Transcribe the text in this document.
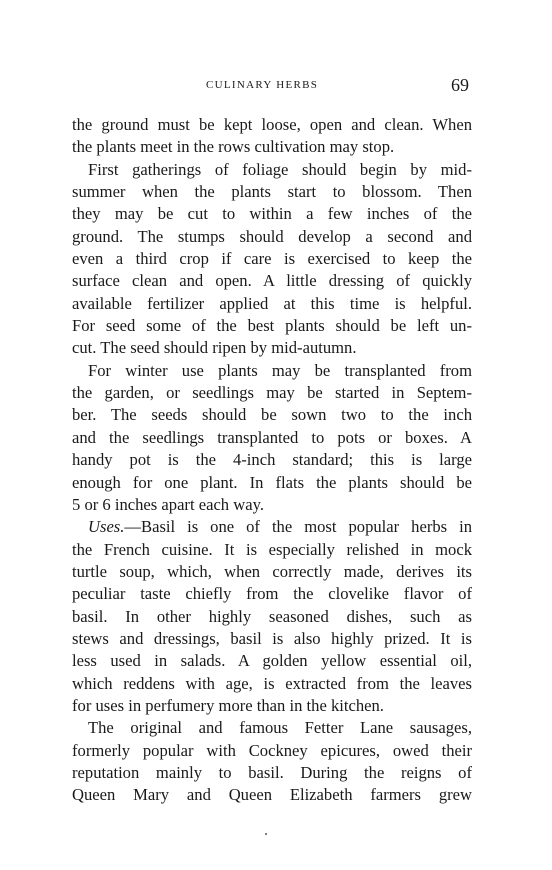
CULINARY HERBS	69
the ground must be kept loose, open and clean. When
the plants meet in the rows cultivation may stop.
First gatherings of foliage should begin by mid-
summer when the plants start to blossom. Then
they may be cut to within a few inches of the
ground. The stumps should develop a second and
even a third crop if care is exercised to keep the
surface clean and open. A little dressing of quickly
available fertilizer applied at this time is helpful.
For seed some of the best plants should be left un-
cut. The seed should ripen by mid-autumn.
For winter use plants may be transplanted from
the garden, or seedlings may be started in Septem-
ber. The seeds should be sown two to the inch
and the seedlings transplanted to pots or boxes. A
handy pot is the 4-inch standard; this is large
enough for one plant. In flats the plants should be
5 or 6 inches apart each way.
Uses.—Basil is one of the most popular herbs in
the French cuisine. It is especially relished in mock
turtle soup, which, when correctly made, derives its
peculiar taste chiefly from the clovelike flavor of
basil. In other highly seasoned dishes, such as
stews and dressings, basil is also highly prized. It is
less used in salads. A golden yellow essential oil,
which reddens with age, is extracted from the leaves
for uses in perfumery more than in the kitchen.
The original and famous Fetter Lane sausages,
formerly popular with Cockney epicures, owed their
reputation mainly to basil. During the reigns of
Queen Mary and Queen Elizabeth farmers grew
